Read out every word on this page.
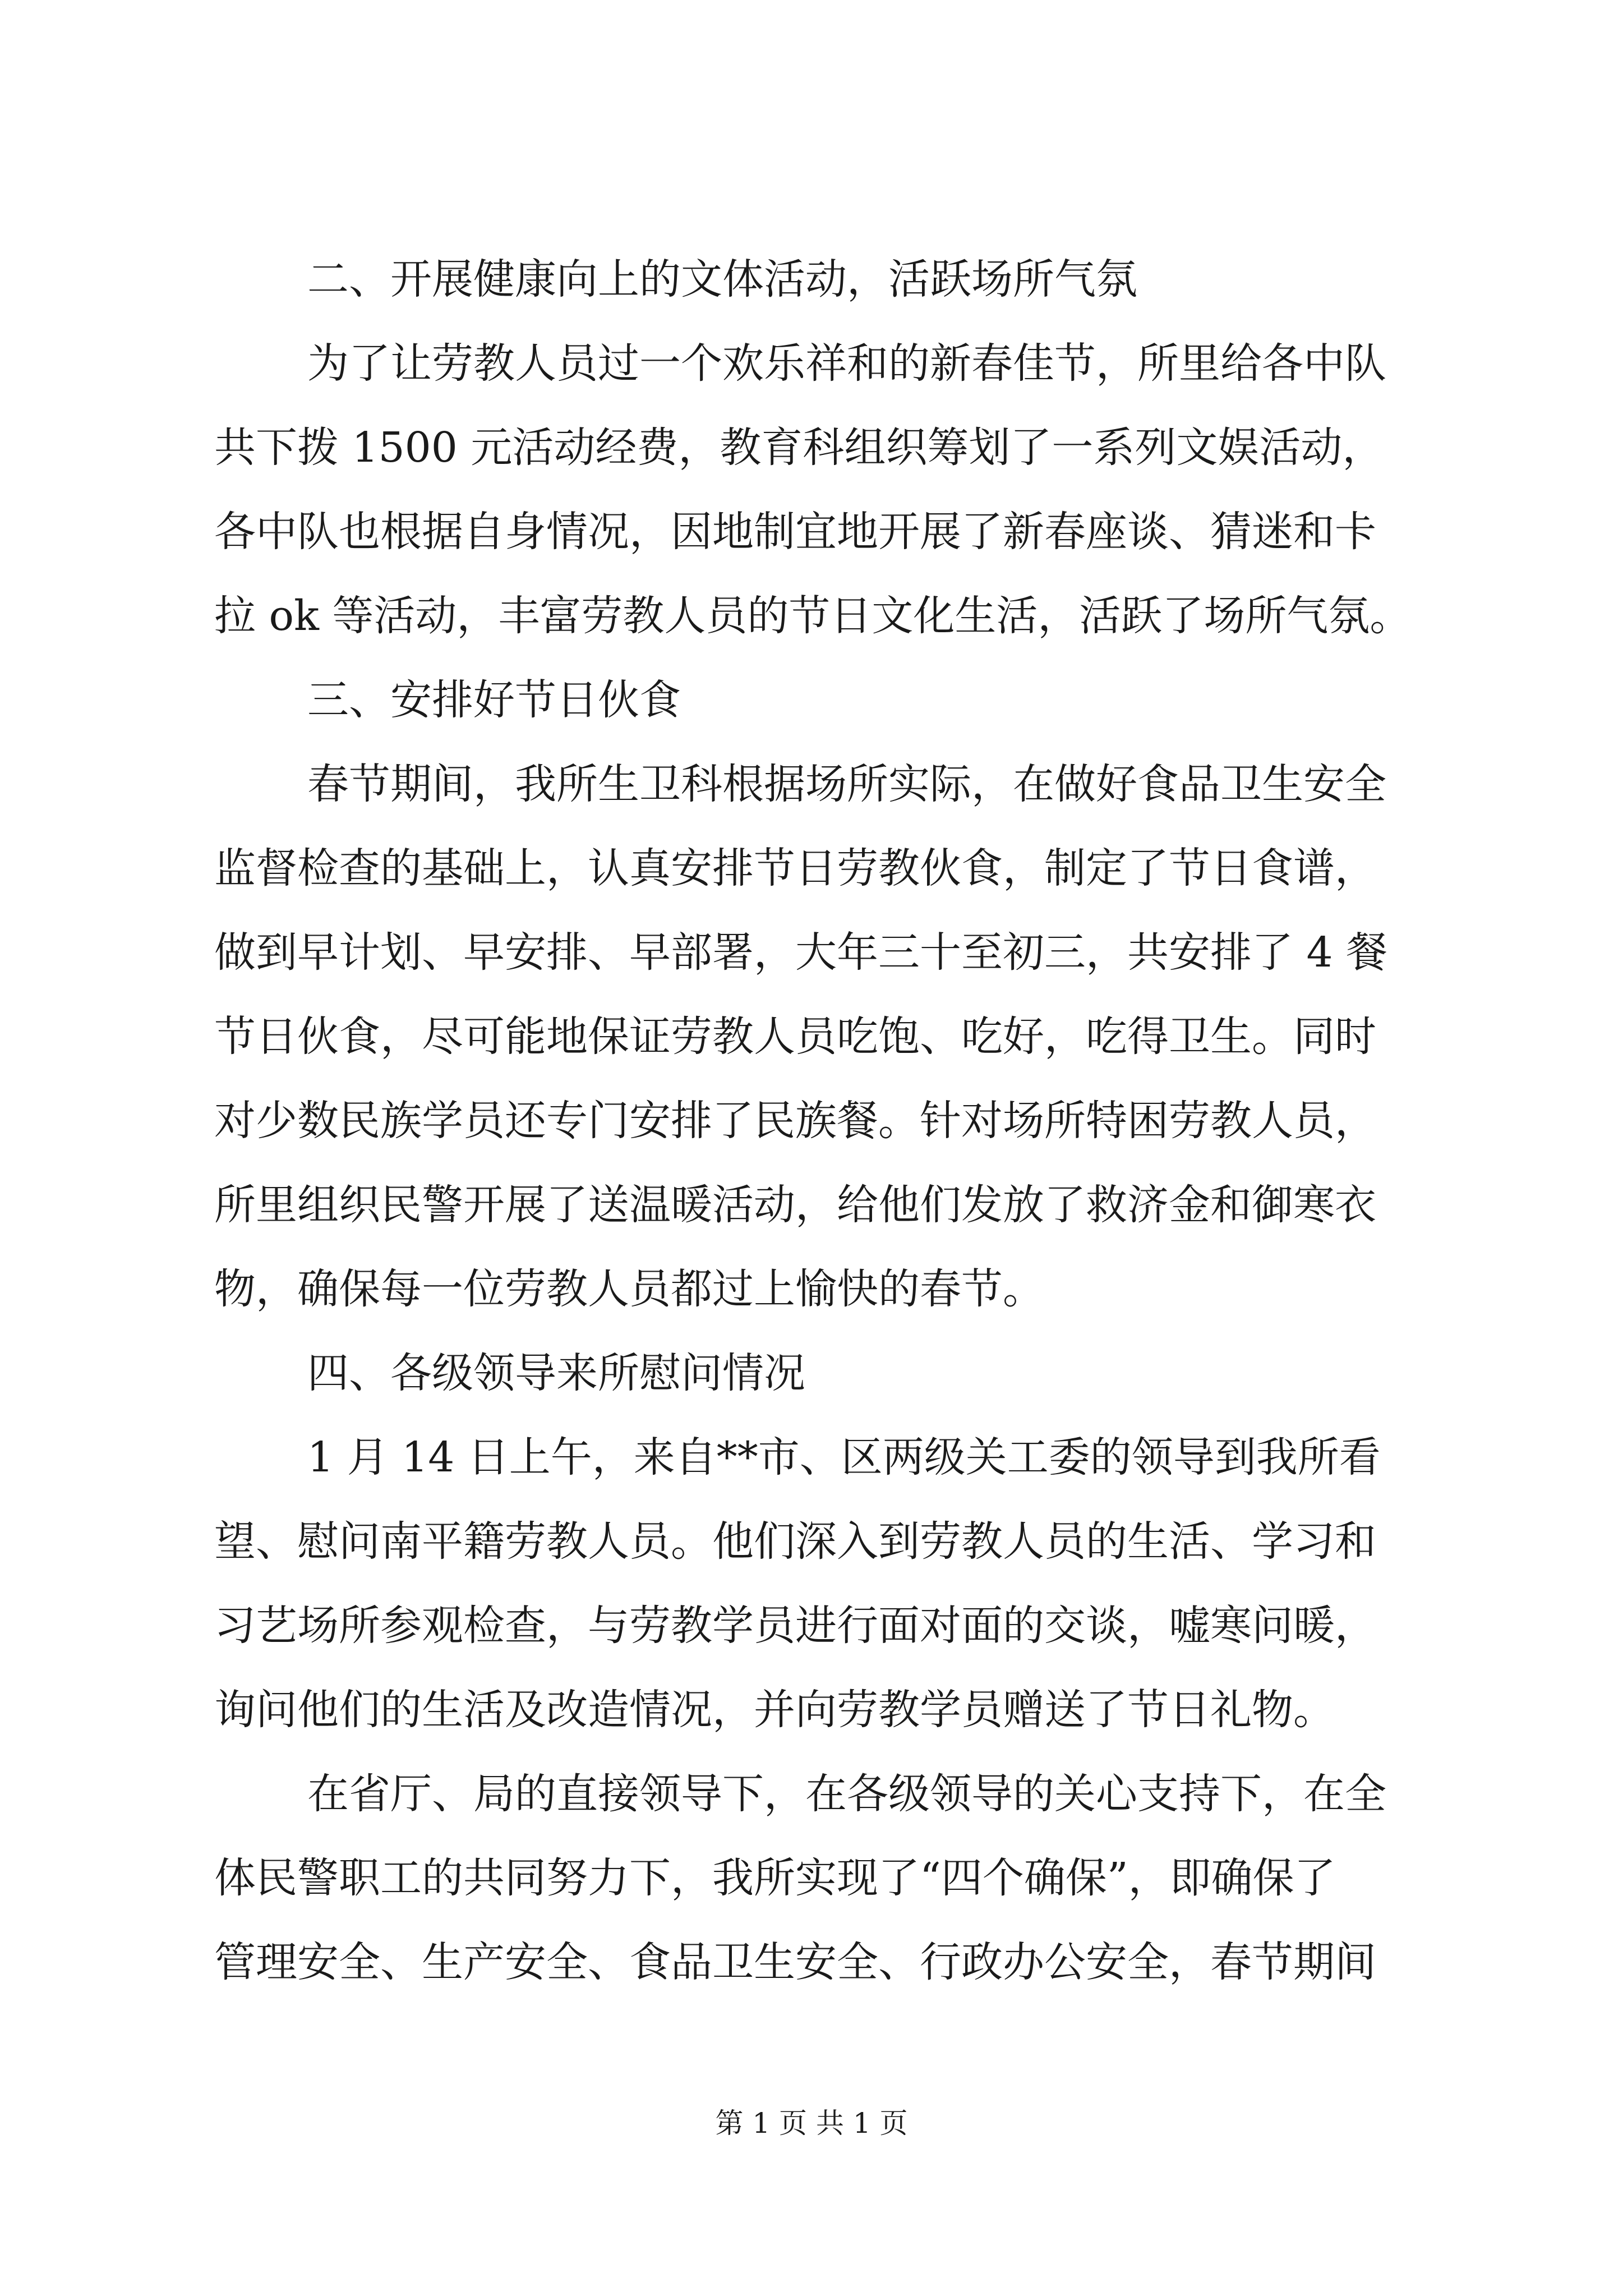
二、开展健康向上的文体活动，活跃场所气氛
为了让劳教人员过一个欢乐祥和的新春佳节，所里给各中队
共下拨 1500 元活动经费，教育科组织筹划了一系列文娱活动，
各中队也根据自身情况，因地制宜地开展了新春座谈、猜迷和卡
拉 ok 等活动，丰富劳教人员的节日文化生活，活跃了场所气氛。
三、安排好节日伙食
春节期间，我所生卫科根据场所实际，在做好食品卫生安全
监督检查的基础上，认真安排节日劳教伙食，制定了节日食谱，
做到早计划、早安排、早部署，大年三十至初三，共安排了 4 餐
节日伙食，尽可能地保证劳教人员吃饱、吃好，吃得卫生。同时
对少数民族学员还专门安排了民族餐。针对场所特困劳教人员，
所里组织民警开展了送温暖活动，给他们发放了救济金和御寒衣
物，确保每一位劳教人员都过上愉快的春节。
四、各级领导来所慰问情况
1 月 14 日上午，来自**市、区两级关工委的领导到我所看
望、慰问南平籍劳教人员。他们深入到劳教人员的生活、学习和
习艺场所参观检查，与劳教学员进行面对面的交谈，嘘寒问暖，
询问他们的生活及改造情况，并向劳教学员赠送了节日礼物。
在省厅、局的直接领导下，在各级领导的关心支持下，在全
体民警职工的共同努力下，我所实现了“四个确保”，即确保了
管理安全、生产安全、食品卫生安全、行政办公安全，春节期间
第 1 页 共 1 页
